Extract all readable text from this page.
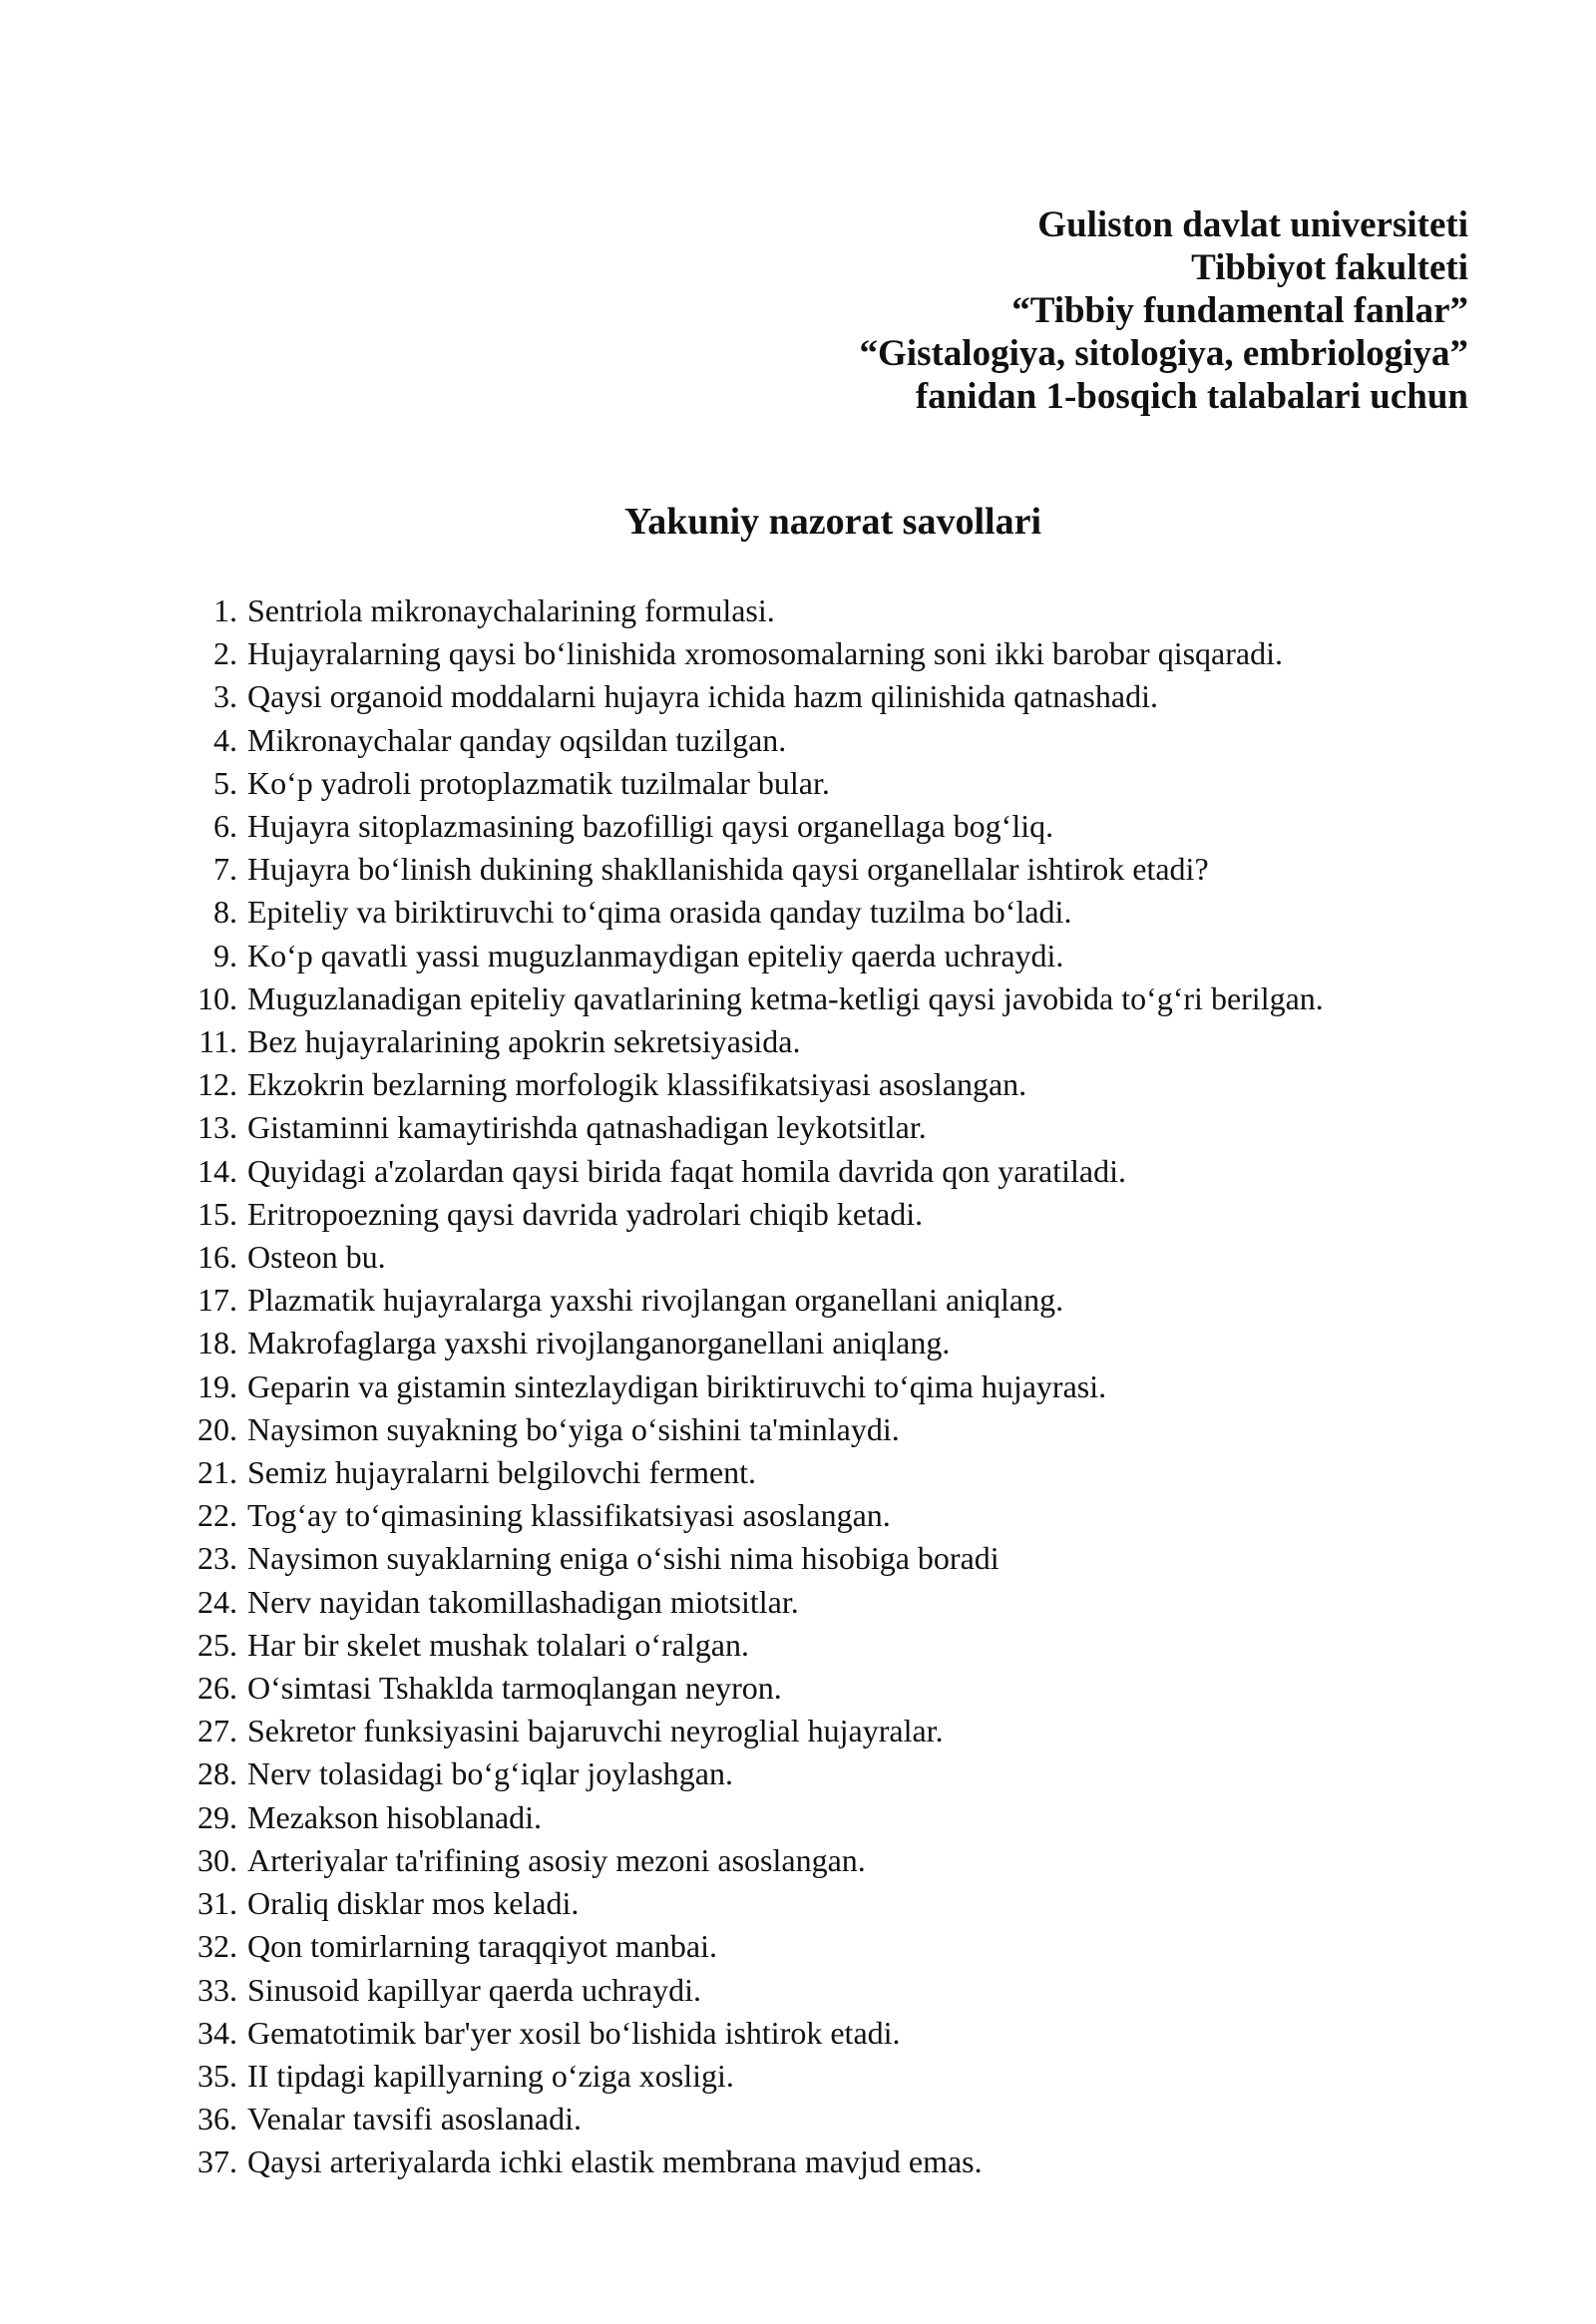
Guliston davlat universiteti
Tibbiyot fakulteti
“Tibbiy fundamental fanlar”
“Gistalogiya, sitologiya, embriologiya”
fanidan 1-bosqich talabalari uchun
Yakuniy nazorat savollari
1. Sentriola mikronaychalarining formulasi.
2. Hujayralarning qaysi bo‘linishida xromosomalarning soni ikki barobar qisqaradi.
3. Qaysi organoid moddalarni hujayra ichida hazm qilinishida qatnashadi.
4. Mikronaychalar qanday oqsildan tuzilgan.
5. Ko‘p yadroli protoplazmatik tuzilmalar bular.
6. Hujayra sitoplazmasining bazofilligi qaysi organellaga bog‘liq.
7. Hujayra bo‘linish dukining shakllanishida qaysi organellalar ishtirok etadi?
8. Epiteliy va biriktiruvchi to‘qima orasida qanday tuzilma bo‘ladi.
9. Ko‘p qavatli yassi muguzlanmaydigan epiteliy qaerda uchraydi.
10. Muguzlanadigan epiteliy qavatlarining ketma-ketligi qaysi javobida to‘g‘ri berilgan.
11. Bez hujayralarining apokrin sekretsiyasida.
12. Ekzokrin bezlarning morfologik klassifikatsiyasi asoslangan.
13. Gistaminni kamaytirishda qatnashadigan leykotsitlar.
14. Quyidagi a'zolardan qaysi birida faqat homila davrida qon yaratiladi.
15. Eritropoezning qaysi davrida yadrolari chiqib ketadi.
16. Osteon bu.
17. Plazmatik hujayralarga yaxshi rivojlangan organellani aniqlang.
18. Makrofaglarga yaxshi rivojlanganorganellani aniqlang.
19. Geparin va gistamin sintezlaydigan biriktiruvchi to‘qima hujayrasi.
20. Naysimon suyakning bo‘yiga o‘sishini ta'minlaydi.
21. Semiz hujayralarni belgilovchi ferment.
22. Tog‘ay to‘qimasining klassifikatsiyasi asoslangan.
23. Naysimon suyaklarning eniga o‘sishi nima hisobiga boradi
24. Nerv nayidan takomillashadigan miotsitlar.
25. Har bir skelet mushak tolalari o‘ralgan.
26. O‘simtasi Tshaklda tarmoqlangan neyron.
27. Sekretor funksiyasini bajaruvchi neyroglial hujayralar.
28. Nerv tolasidagi bo‘g‘iqlar joylashgan.
29. Mezakson hisoblanadi.
30. Arteriyalar ta'rifining asosiy mezoni asoslangan.
31. Oraliq disklar mos keladi.
32. Qon tomirlarning taraqqiyot manbai.
33. Sinusoid kapillyar qaerda uchraydi.
34. Gematotimik bar'yer xosil bo‘lishida ishtirok etadi.
35. II tipdagi kapillyarning o‘ziga xosligi.
36. Venalar tavsifi asoslanadi.
37. Qaysi arteriyalarda ichki elastik membrana mavjud emas.
